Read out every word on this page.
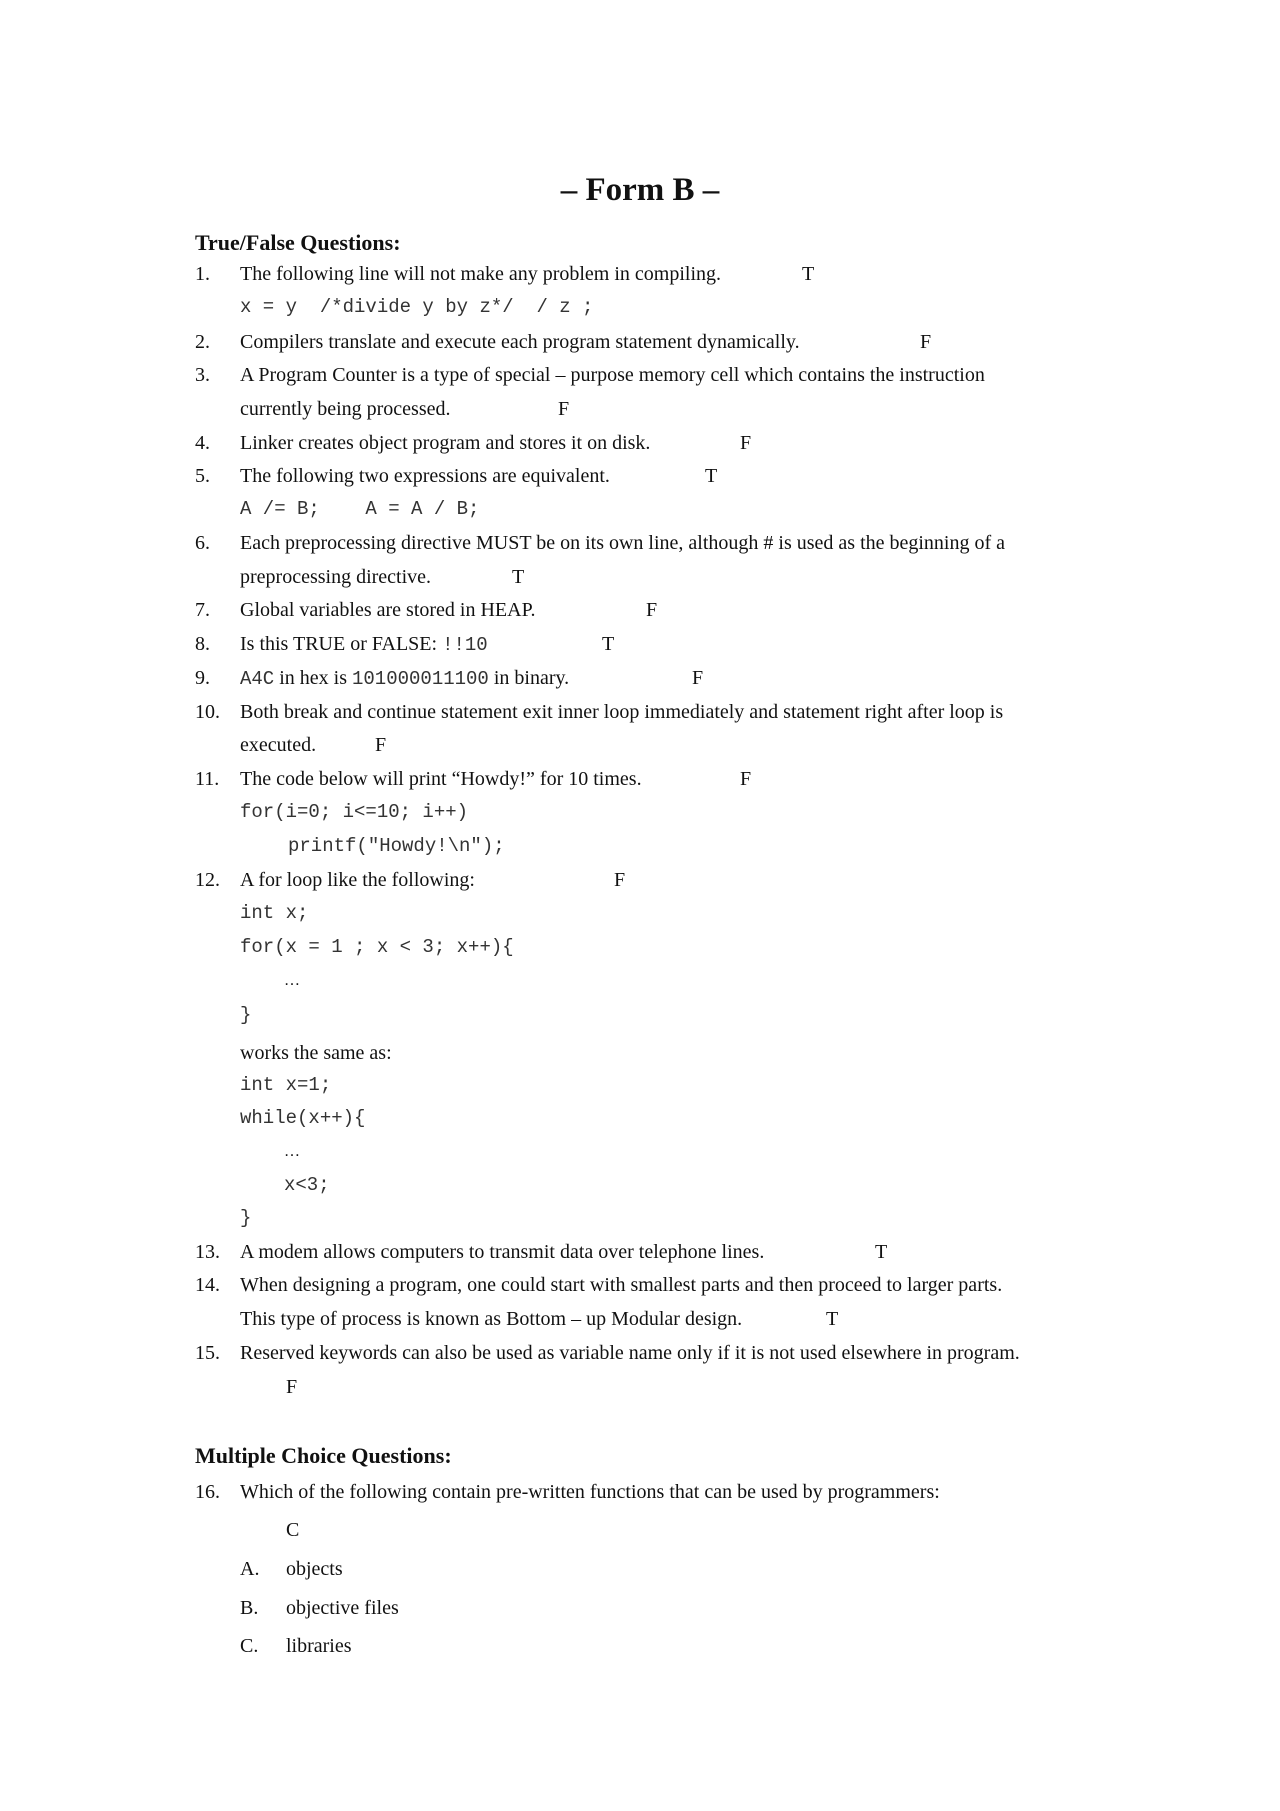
– Form B –
True/False Questions:
1. The following line will not make any problem in compiling.	T
x = y  /*divide y by z*/  / z ;
2. Compilers translate and execute each program statement dynamically.	F
3. A Program Counter is a type of special – purpose memory cell which contains the instruction
currently being processed.	F
4. Linker creates object program and stores it on disk.	F
5. The following two expressions are equivalent.	T
A /= B;    A = A / B;
6. Each preprocessing directive MUST be on its own line, although # is used as the beginning of a
preprocessing directive.	T
7. Global variables are stored in HEAP.	F
8. Is this TRUE or FALSE: !!10	T
9. A4C in hex is 101000011100 in binary.	F
10. Both break and continue statement exit inner loop immediately and statement right after loop is
executed.	F
11. The code below will print “Howdy!” for 10 times.	F
for(i=0; i<=10; i++)
printf("Howdy!\n");
12. A for loop like the following:	F
int x;
for(x = 1 ; x < 3; x++){
…
}
works the same as:
int x=1;
while(x++){
…
x<3;
}
13. A modem allows computers to transmit data over telephone lines.	T
14. When designing a program, one could start with smallest parts and then proceed to larger parts.
This type of process is known as Bottom – up Modular design.	T
15. Reserved keywords can also be used as variable name only if it is not used elsewhere in program.
F
Multiple Choice Questions:
16. Which of the following contain pre-written functions that can be used by programmers:
C
A. objects
B. objective files
C. libraries
